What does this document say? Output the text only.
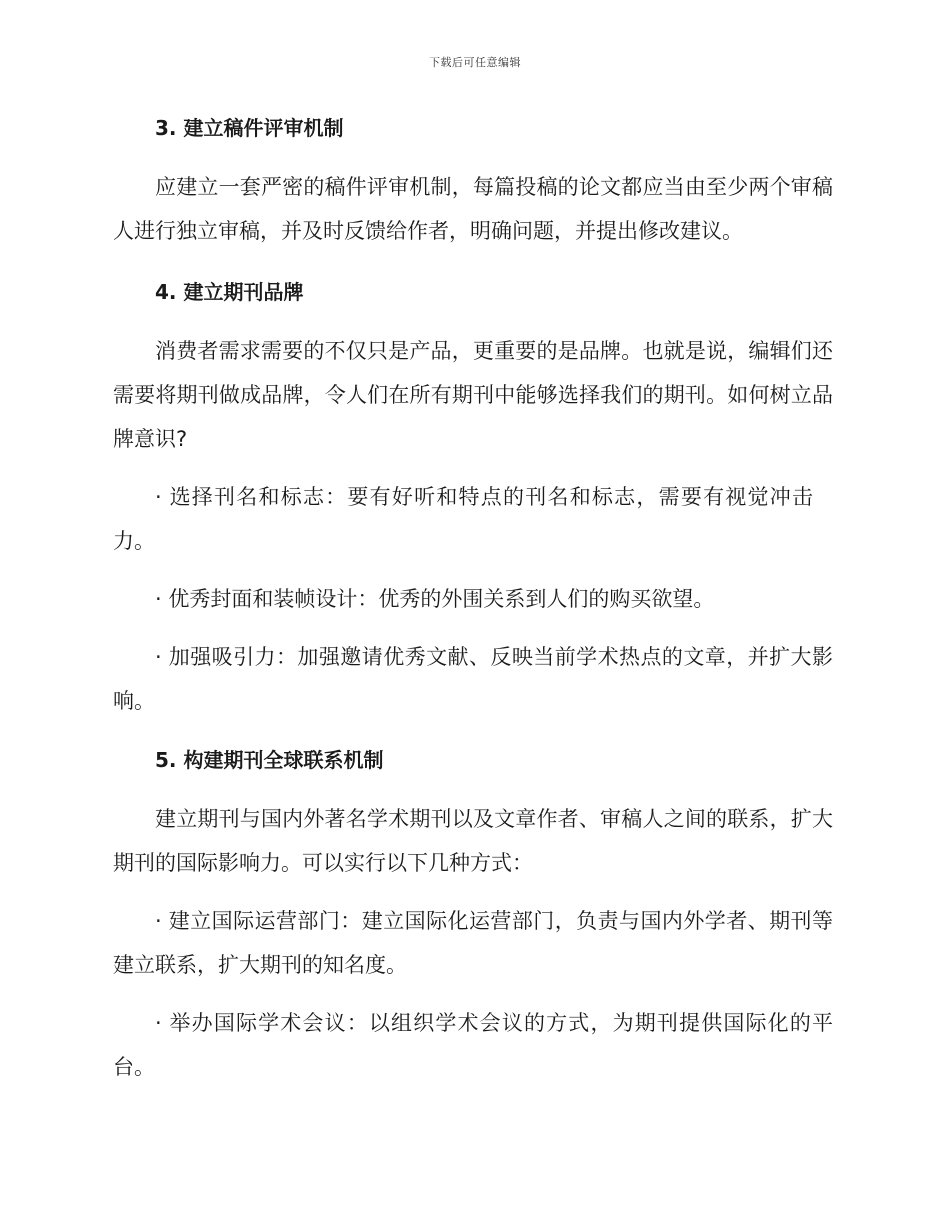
下载后可任意编辑
3. 建立稿件评审机制

应建立一套严密的稿件评审机制，每篇投稿的论文都应当由至少两个审稿人进行独立审稿，并及时反馈给作者，明确问题，并提出修改建议。

4. 建立期刊品牌

消费者需求需要的不仅只是产品，更重要的是品牌。也就是说，编辑们还需要将期刊做成品牌，令人们在所有期刊中能够选择我们的期刊。如何树立品牌意识?

· 选择刊名和标志：要有好听和特点的刊名和标志，需要有视觉冲击力。

· 优秀封面和装帧设计：优秀的外围关系到人们的购买欲望。

· 加强吸引力：加强邀请优秀文献、反映当前学术热点的文章，并扩大影响。

5. 构建期刊全球联系机制

建立期刊与国内外著名学术期刊以及文章作者、审稿人之间的联系，扩大期刊的国际影响力。可以实行以下几种方式：

· 建立国际运营部门：建立国际化运营部门，负责与国内外学者、期刊等建立联系，扩大期刊的知名度。

· 举办国际学术会议：以组织学术会议的方式，为期刊提供国际化的平台。
